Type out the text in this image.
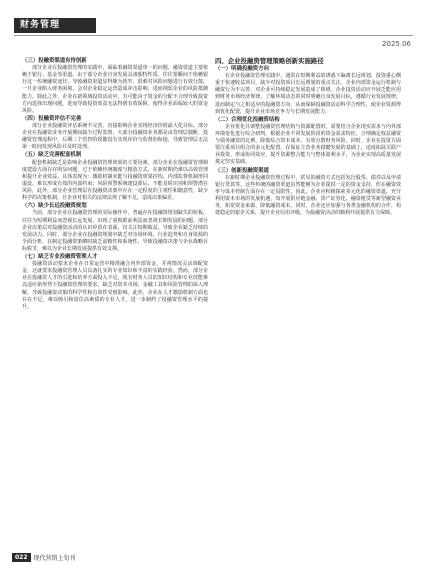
财务管理
2025.06
（三）投融资渠道有待创新

部分企业在投融资管理的实践中，面临着融资渠道单一的问题。融资渠道主要依赖于银行、基金等渠道。由于部分企业自身发展具备独特性质，往往要瞬间于依赖银行这一传统融资途径，导致融资渠道显得颇为狭窄，很难对风险问题进行有效分散，一旦企业陷入财务困境，会对企业稳定运营造成冲击影响，进而削弱企业的风险抵御能力。除此之外，企业在新领域投资活动中，有可能由于资金的分配不合理导致投资方向选择出现问题，进而导致投资效益无法得到有效保障，使得企业面临较大的资金风险。

（四）投融资评估不完善

部分企业投融资评估系统不完善，直接影响企业实现经济价值最大化目标。部分企业在投融资业务开展期间缺少过程监督，大部分投融资业务都是由管理层独断，投融资管理流程中，后期三个管控阶段都没有实现评价与监督的衔接，导致管理层无法第一时间发现风险并及时处理。

（五）缺乏完善配套机制

配套机制缺乏是影响企业投融资管理效果的主要因素。部分企业在投融资管理制度建设方面存在明显问题，过于依赖传统制度与粗放方式，在新时期仍难以高效管理和提升企业效益。具体表现为：激励机制未能与投融资效果挂钩，内部监督机制形同虚设，难以形成有效的内部约束；风险预警系统建设滞后，不能及时识别和预警潜在风险，此外，部分企业管理层在投融资决策中存在一定程度的主观性和随意性，缺少科学的决策机制，且企业对相关的法律法规了解不足，造成决策偏差。

（六）缺少长远投融资规划

当前，部分企业在投融资管理的实际操作中，普遍存在投融资规划缺失的短板，往往为短期利益而忽视长远发展，出现了重视眼前利益而忽视长期发展的问题。部分企业决策层对投融资活动的认识停留在表面，仅关注短期收益，导致企业缺乏持续的发展动力。同时，部分企业在投融资规划中缺乏对市场环境、行业趋势和自身资源的全面分析，在制定投融资策略时缺乏前瞻性和系统性，导致投融资决策与企业战略目标脱节，难以为企业长期发展提供有效支撑。

（七）缺乏专业投融资管理人才

投融资活动要求企业在日常运营中精准融合内外部资金，并视情况灵活调配资金，这就要求投融资管理人员具备扎实的专业知识和丰富的实践经验。然而，部分企业在投融资人才的引进和培养方面投入不足，现有财务人员的知识结构和专业技能难以适应新形势下投融资管理的要求，缺乏对资本市场、金融工具和风险管理的深入理解，导致投融资决策的科学性和有效性受到影响。此外，企业在人才激励机制方面也存在不足，难以吸引和留住高素质的专业人才，进一步制约了投融资管理水平的提升。

四、企业投融资管理策略创新实施路径
（一）明确投融资方向

在企业投融资管理实践中，通常在短期利益的诱惑下偏离长远规划，投资重心侧重于快速收益项目，缺少对投资项目长远规划的重点关注。企业内部资金运行机制与融资行为不完善，对企业可持续稳定发展造成了阻碍。企业投资活动应开展乏能应用到财务市场经济规律，了解环境动态的同时明确自身发展目标，遵循行业发展规律，进而制定与之相适应的投融资方向，从而保障投融资活动科学合理性，使企业资源得到优化配置，提升企业市场竞争力与长期发展能力。

（二）合理优化投融资结构

企业优化并调整投融资管理结构与资源配置时，需要结合企业现实需求与内外部环境变化进行综合研判，根据企业不同发展阶段的资金需求特征，合理确定权益融资与债务融资的比例，降低综合资本成本，有效分散财务风险。同时，企业在投资方面要注重项目组合的多元化配置，在保证主营业务稳健发展的基础上，适度拓展关联产业投资，形成协同效应，提升资源整合能力与整体盈利水平，为企业实现高质量发展奠定坚实基础。

（三）创新投融资渠道

在新时期企业投融资管理过程中，常见的融资方式包括发行股票、债券以及申请银行贷款等。这些传统的融资渠道虽然能够为企业提供一定的资金支持，但在融资效率与成本控制方面存在一定局限性。因此，企业应积极探索多元化的融资渠道，充分利用资本市场的发展机遇，如开展供应链金融、资产证券化、融资租赁等新型融资业务，拓宽资金来源，降低融资成本。同时，企业还应加强与各类金融机构的合作，构建稳定的银企关系，提升企业信用评级，为投融资活动的顺利开展提供有力保障。

022	现代营销上旬刊
